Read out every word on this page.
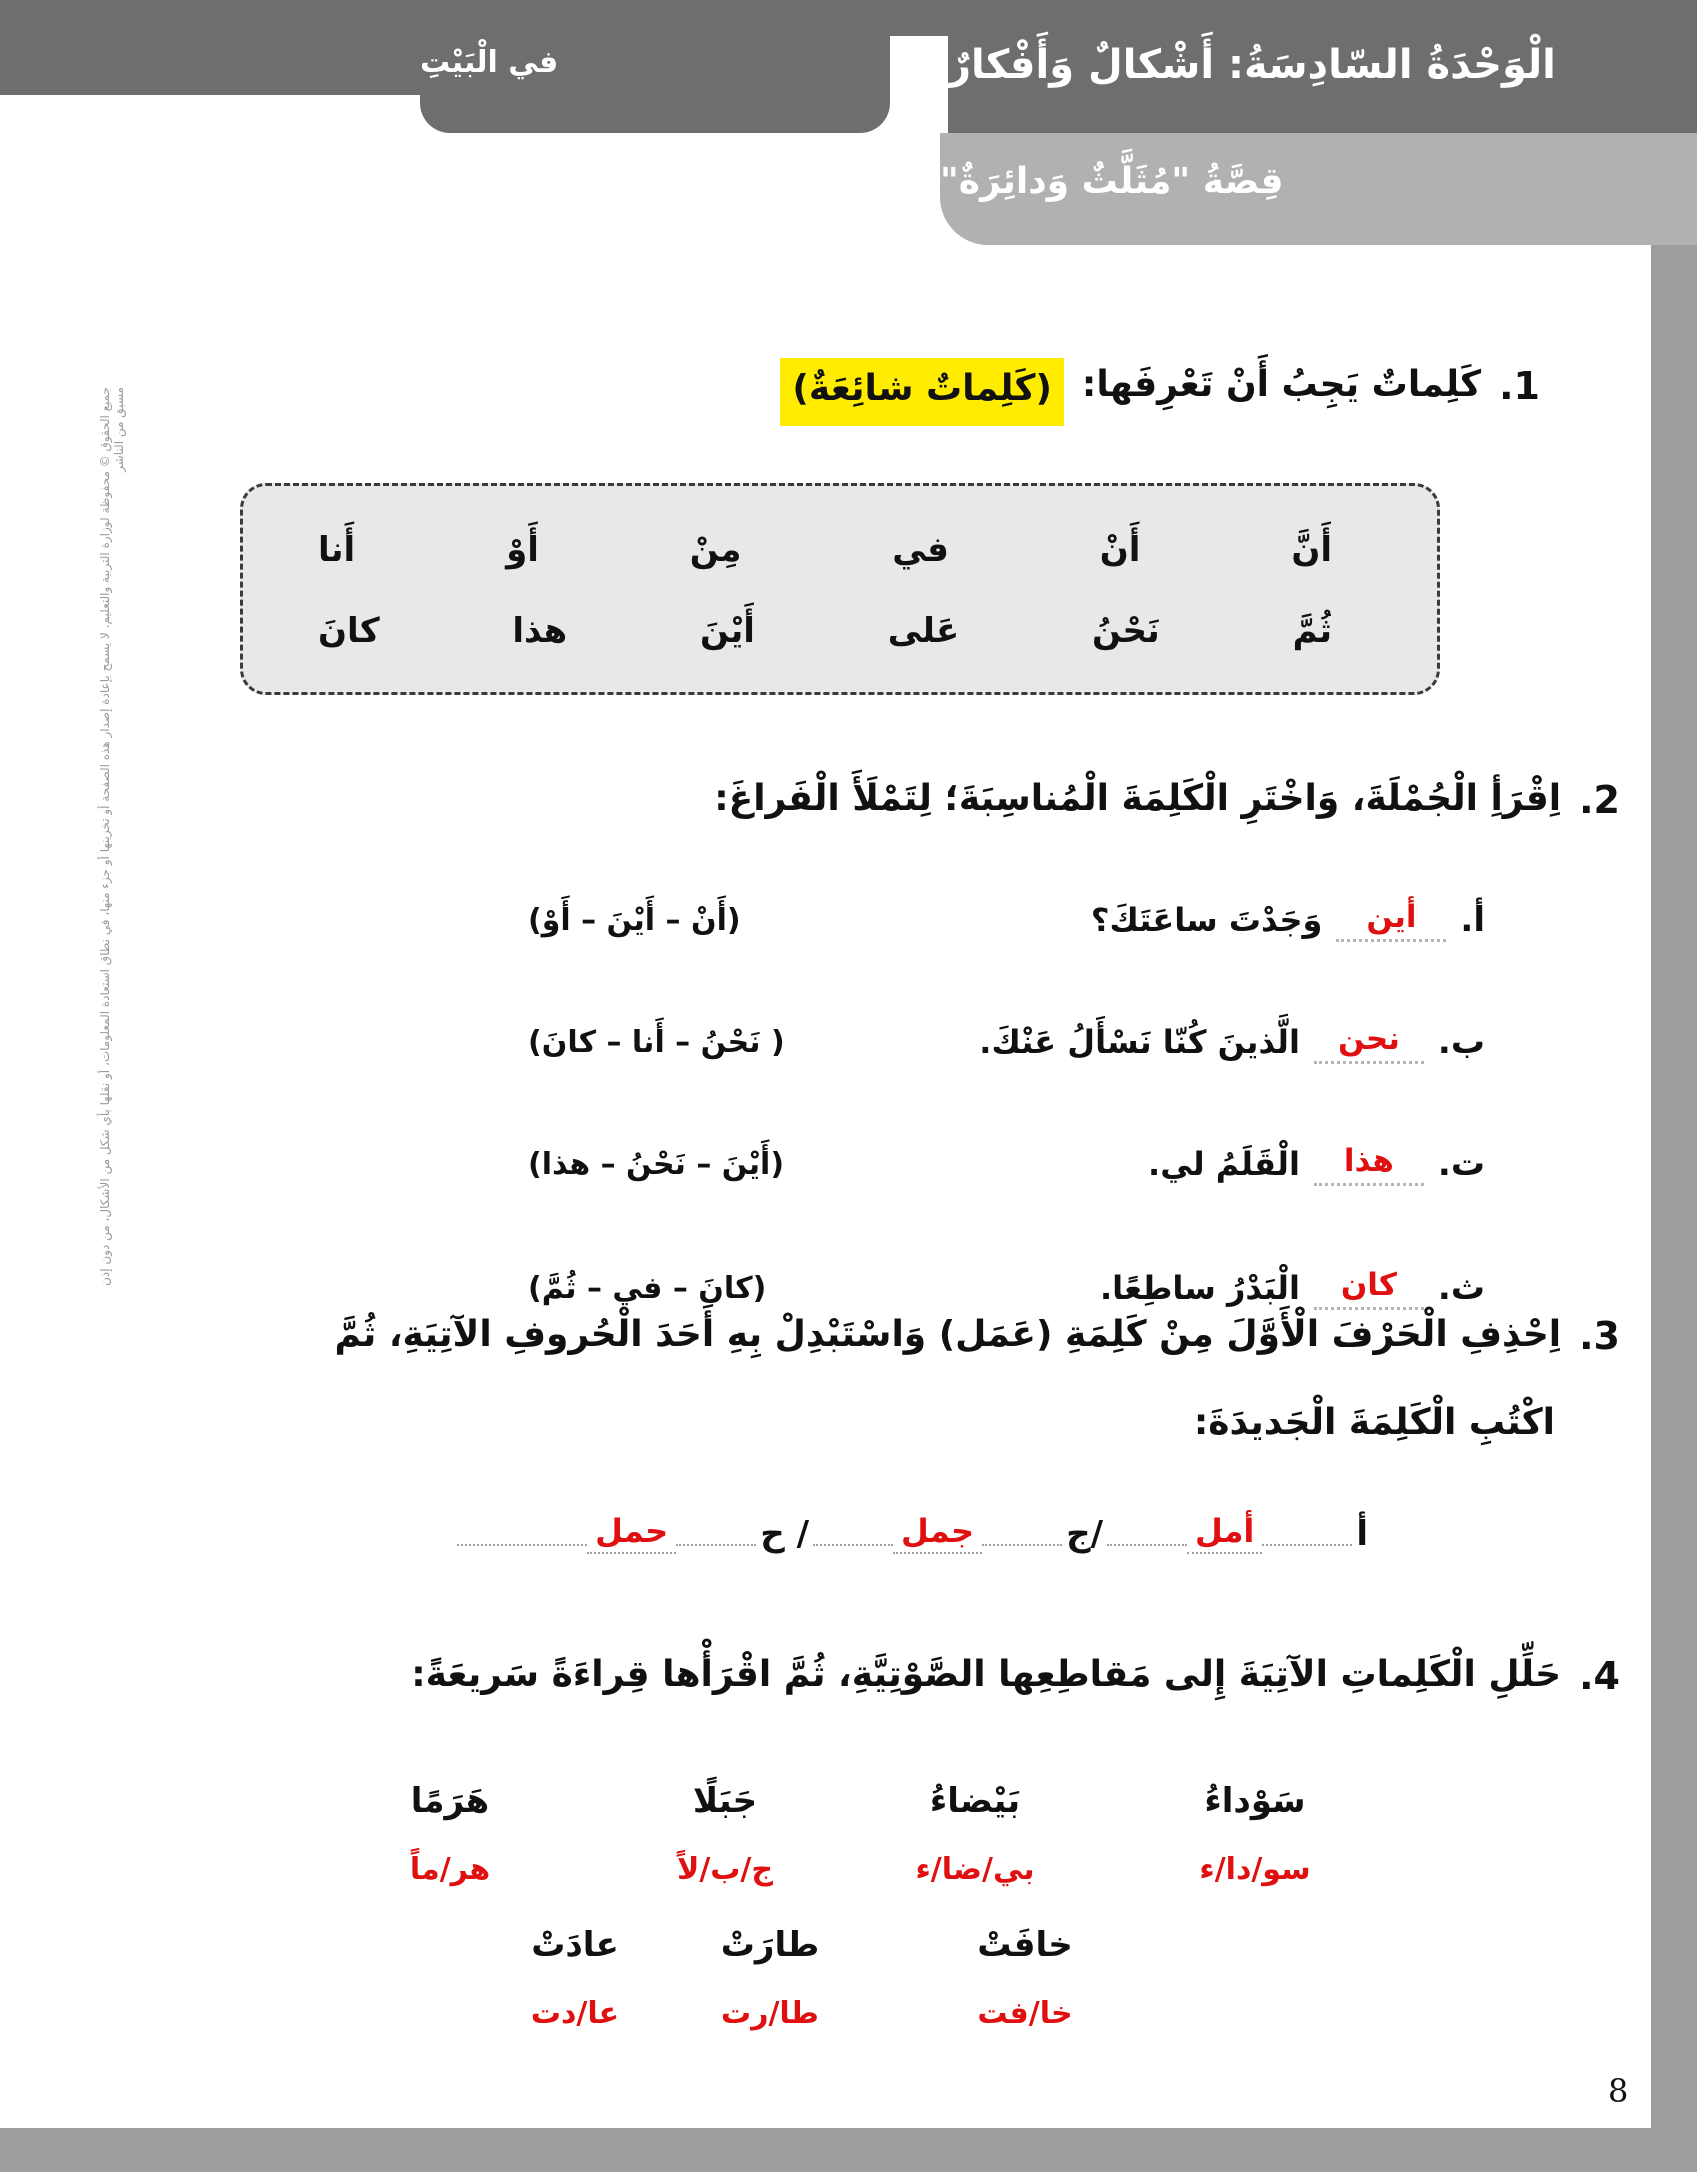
في الْبَيْتِ	الْوَحْدَةُ السّادِسَةُ: أَشْكالٌ وَأَفْكارٌ
قِصَّةُ "مُثَلَّثٌ وَدائِرَةٌ"
1.
كَلِماتٌ يَجِبُ أَنْ تَعْرِفَها:
(كَلِماتٌ شائِعَةٌ)
أَنَّ
أَنْ
في
مِنْ
أَوْ
أَنا
ثُمَّ
نَحْنُ
عَلى
أَيْنَ
هذا
كانَ
2.
اِقْرَأِ الْجُمْلَةَ، وَاخْتَرِ الْكَلِمَةَ الْمُناسِبَةَ؛ لِتَمْلَأَ الْفَراغَ:
أ.
أين
وَجَدْتَ ساعَتَكَ؟
(أَنْ – أَيْنَ – أَوْ)
ب.
نحن
الَّذينَ كُنّا نَسْأَلُ عَنْكَ.
( نَحْنُ – أَنا – كانَ)
ت.
هذا
الْقَلَمُ لي.
(أَيْنَ – نَحْنُ – هذا)
ث.
كان
الْبَدْرُ ساطِعًا.
(كانَ – في – ثُمَّ)
3.
اِحْذِفِ الْحَرْفَ الْأَوَّلَ مِنْ كَلِمَةِ (عَمَل) وَاسْتَبْدِلْ بِهِ أَحَدَ الْحُروفِ الآتِيَةِ، ثُمَّ
اكْتُبِ الْكَلِمَةَ الْجَديدَةَ:
أ
أمل
/ج
جمل
/ ح
حمل
4.
حَلِّلِ الْكَلِماتِ الآتِيَةَ إِلى مَقاطِعِها الصَّوْتِيَّةِ، ثُمَّ اقْرَأْها قِراءَةً سَريعَةً:
سَوْداءُ
سو/دا/ء
بَيْضاءُ
بي/ضا/ء
جَبَلًا
ج/ب/لاً
هَرَمًا
هر/ماً
خافَتْ
خا/فت
طارَتْ
طا/رت
عادَتْ
عا/دت
جميع الحقوق © محفوظة لوزارة التربية والتعليم. لا يسمح بإعادة إصدار هذه الصفحة أو تخزينها أو جزء منها، في نطاق استعادة المعلومات، أو نقلها بأي شكل من الأشكال، من دون إذن مسبق من الناشر
8
